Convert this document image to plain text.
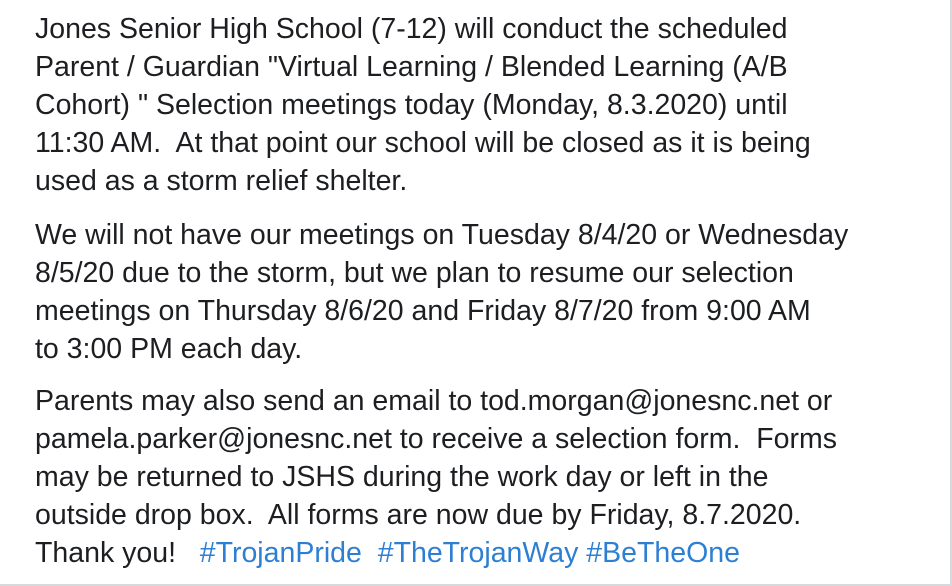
Jones Senior High School (7-12) will conduct the scheduled
Parent / Guardian "Virtual Learning / Blended Learning (A/B
Cohort) " Selection meetings today (Monday, 8.3.2020) until
11:30 AM.  At that point our school will be closed as it is being
used as a storm relief shelter.

We will not have our meetings on Tuesday 8/4/20 or Wednesday
8/5/20 due to the storm, but we plan to resume our selection
meetings on Thursday 8/6/20 and Friday 8/7/20 from 9:00 AM
to 3:00 PM each day.

Parents may also send an email to tod.morgan@jonesnc.net or
pamela.parker@jonesnc.net to receive a selection form.  Forms
may be returned to JSHS during the work day or left in the
outside drop box.  All forms are now due by Friday, 8.7.2020.
Thank you! #TrojanPride #TheTrojanWay #BeTheOne
